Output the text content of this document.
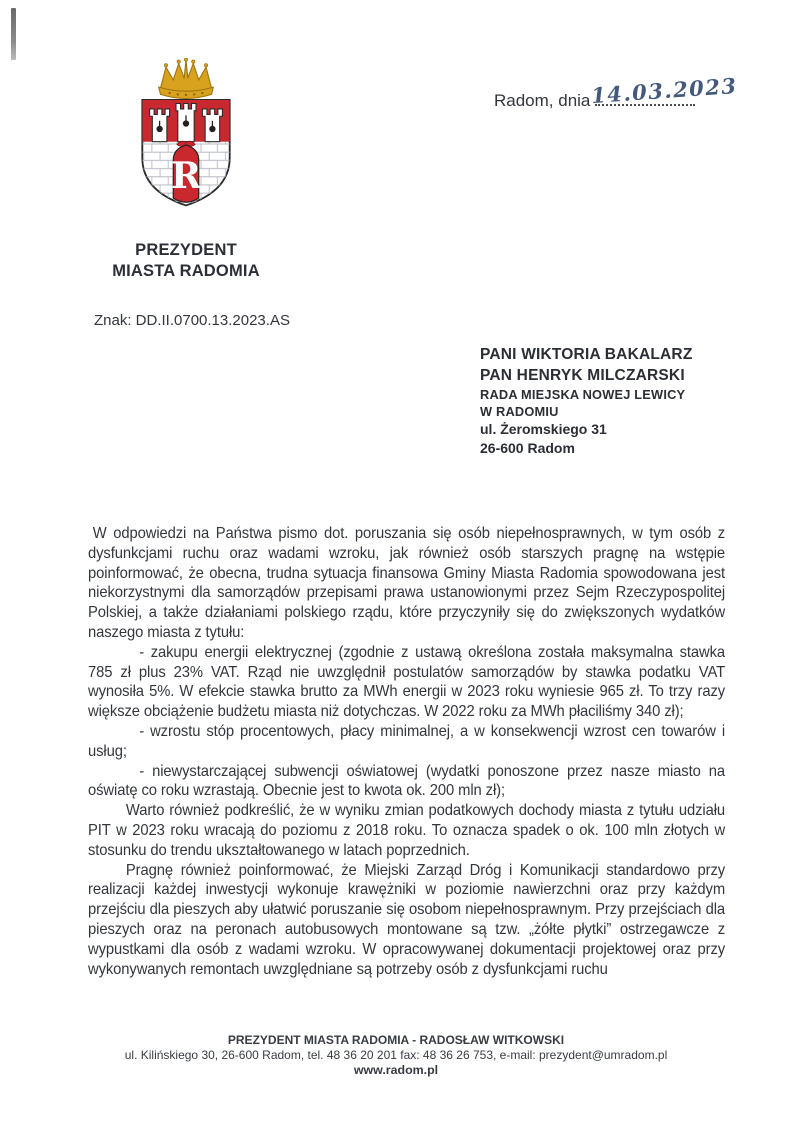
R
PREZYDENT
MIASTA RADOMIA
Radom, dnia 14.03.2023
Znak: DD.II.0700.13.2023.AS
PANI WIKTORIA BAKALARZ
PAN HENRYK MILCZARSKI
RADA MIEJSKA NOWEJ LEWICY
W RADOMIU
ul. Żeromskiego 31
26-600 Radom

W odpowiedzi na Państwa pismo dot. poruszania się osób niepełnosprawnych, w tym osób z dysfunkcjami ruchu oraz wadami wzroku, jak również osób starszych pragnę na wstępie poinformować, że obecna, trudna sytuacja finansowa Gminy Miasta Radomia spowodowana jest niekorzystnymi dla samorządów przepisami prawa ustanowionymi przez Sejm Rzeczypospolitej Polskiej, a także działaniami polskiego rządu, które przyczyniły się do zwiększonych wydatków naszego miasta z tytułu:

- zakupu energii elektrycznej (zgodnie z ustawą określona została maksymalna stawka 785 zł plus 23% VAT. Rząd nie uwzględnił postulatów samorządów by stawka podatku VAT wynosiła 5%. W efekcie stawka brutto za MWh energii w 2023 roku wyniesie 965 zł. To trzy razy większe obciążenie budżetu miasta niż dotychczas. W 2022 roku za MWh płaciliśmy 340 zł);

- wzrostu stóp procentowych, płacy minimalnej, a w konsekwencji wzrost cen towarów i usług;

- niewystarczającej subwencji oświatowej (wydatki ponoszone przez nasze miasto na oświatę co roku wzrastają. Obecnie jest to kwota ok. 200 mln zł);

Warto również podkreślić, że w wyniku zmian podatkowych dochody miasta z tytułu udziału PIT w 2023 roku wracają do poziomu z 2018 roku. To oznacza spadek o ok. 100 mln złotych w stosunku do trendu ukształtowanego w latach poprzednich.

Pragnę również poinformować, że Miejski Zarząd Dróg i Komunikacji standardowo przy realizacji każdej inwestycji wykonuje krawężniki w poziomie nawierzchni oraz przy każdym przejściu dla pieszych aby ułatwić poruszanie się osobom niepełnosprawnym. Przy przejściach dla pieszych oraz na peronach autobusowych montowane są tzw. „żółte płytki” ostrzegawcze z wypustkami dla osób z wadami wzroku. W opracowywanej dokumentacji projektowej oraz przy wykonywanych remontach uwzględniane są potrzeby osób z dysfunkcjami ruchu

PREZYDENT MIASTA RADOMIA - RADOSŁAW WITKOWSKI
ul. Kilińskiego 30, 26-600 Radom, tel. 48 36 20 201 fax: 48 36 26 753, e-mail: prezydent@umradom.pl
www.radom.pl
